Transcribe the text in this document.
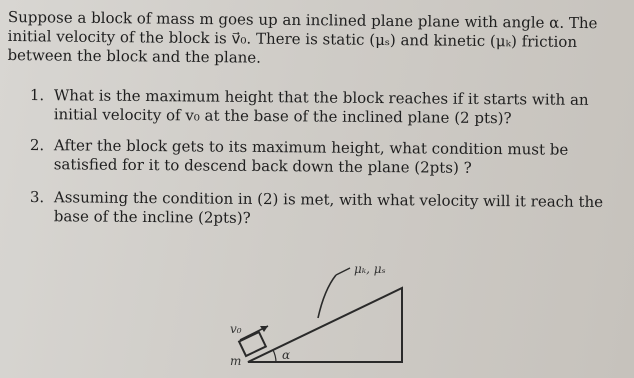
Suppose a block of mass m goes up an inclined plane plane with angle α. The initial velocity of the block is v⃗₀. There is static (μₛ) and kinetic (μₖ) friction between the block and the plane.
1. What is the maximum height that the block reaches if it starts with an initial velocity of v₀ at the base of the inclined plane (2 pts)?
2. After the block gets to its maximum height, what condition must be satisfied for it to descend back down the plane (2pts) ?
3. Assuming the condition in (2) is met, with what velocity will it reach the base of the incline (2pts)?
μₖ, μₛ
v₀
m	α
